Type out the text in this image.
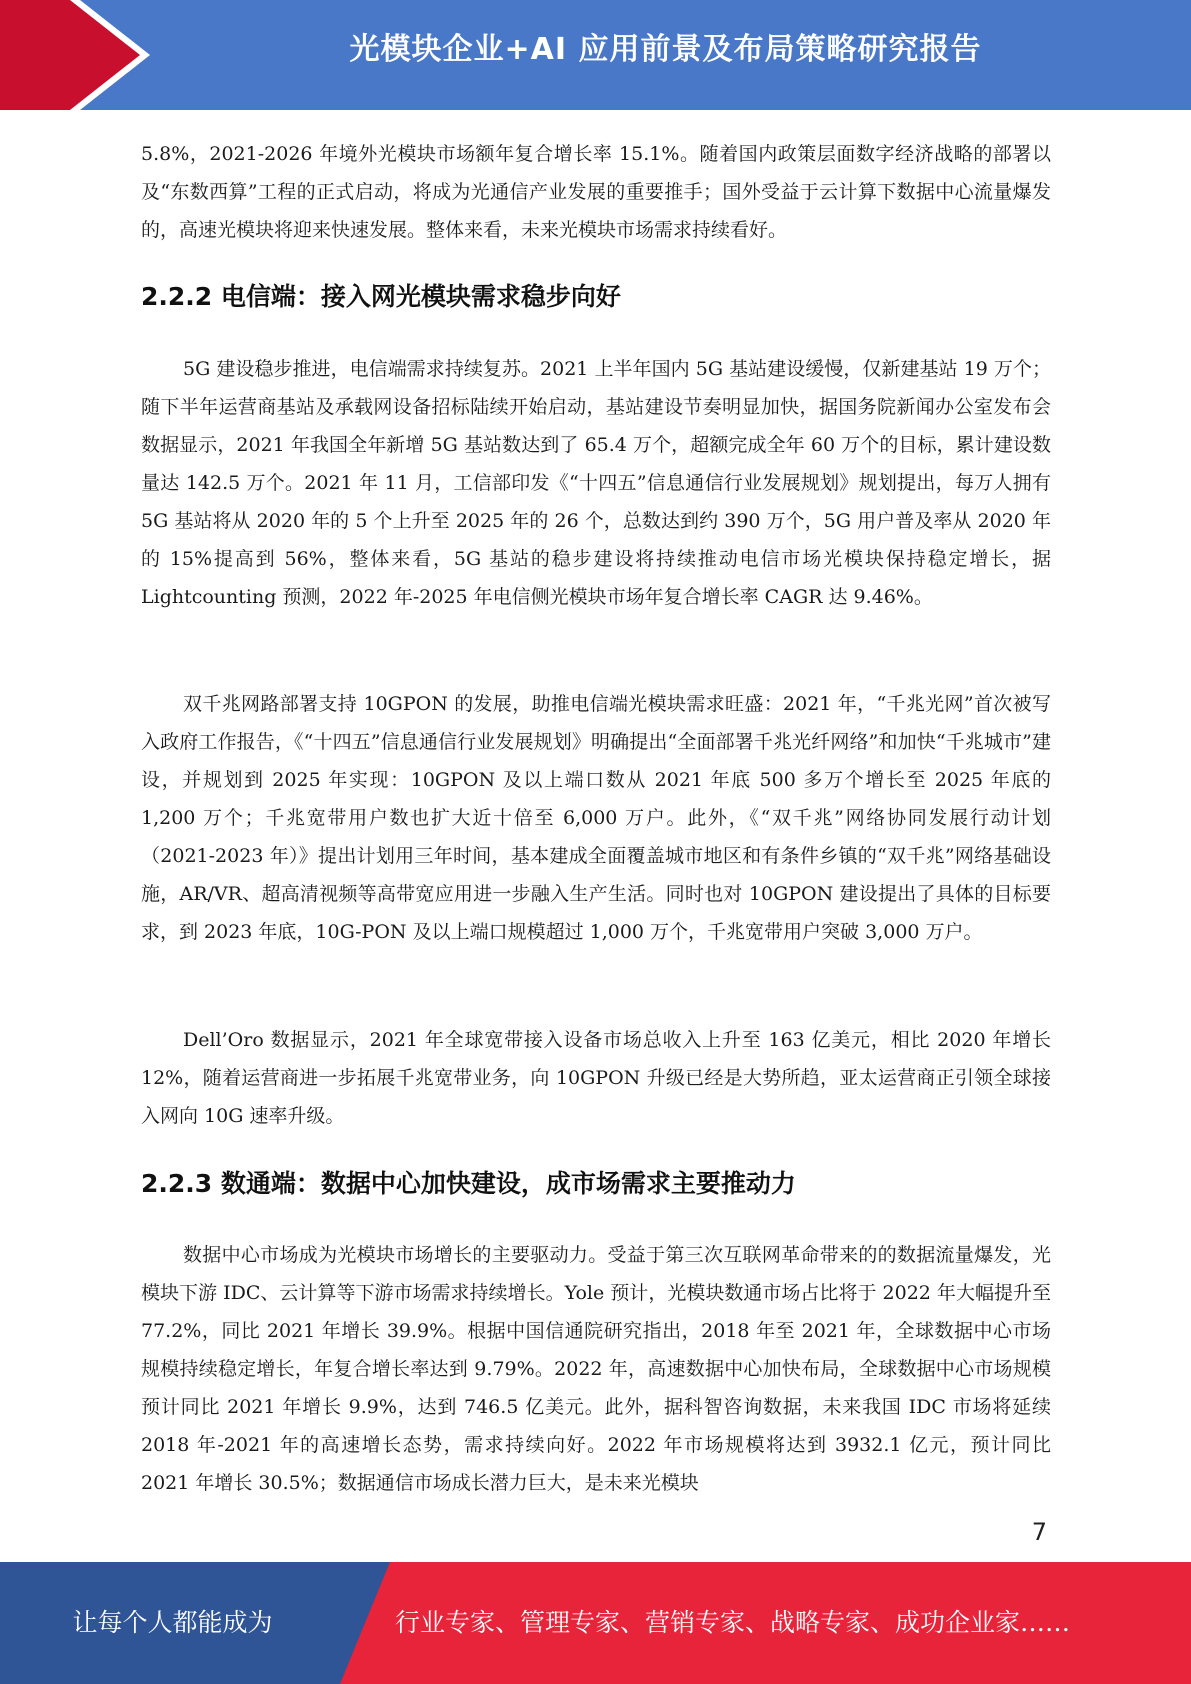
光模块企业+AI 应用前景及布局策略研究报告

5.8%，2021-2026 年境外光模块市场额年复合增长率 15.1%。随着国内政策层面数字经济战略的部署以及“东数西算”工程的正式启动，将成为光通信产业发展的重要推手；国外受益于云计算下数据中心流量爆发的，高速光模块将迎来快速发展。整体来看，未来光模块市场需求持续看好。

2.2.2 电信端：接入网光模块需求稳步向好

5G 建设稳步推进，电信端需求持续复苏。2021 上半年国内 5G 基站建设缓慢，仅新建基站 19 万个；随下半年运营商基站及承载网设备招标陆续开始启动，基站建设节奏明显加快，据国务院新闻办公室发布会数据显示，2021 年我国全年新增 5G 基站数达到了 65.4 万个，超额完成全年 60 万个的目标，累计建设数量达 142.5 万个。2021 年 11 月，工信部印发《“十四五”信息通信行业发展规划》规划提出，每万人拥有 5G 基站将从 2020 年的 5 个上升至 2025 年的 26 个，总数达到约 390 万个，5G 用户普及率从 2020 年的 15%提高到 56%，整体来看，5G 基站的稳步建设将持续推动电信市场光模块保持稳定增长，据 Lightcounting 预测，2022 年-2025 年电信侧光模块市场年复合增长率 CAGR 达 9.46%。

双千兆网路部署支持 10GPON 的发展，助推电信端光模块需求旺盛：2021 年，“千兆光网”首次被写入政府工作报告，《“十四五”信息通信行业发展规划》明确提出“全面部署千兆光纤网络”和加快“千兆城市”建设，并规划到 2025 年实现：10GPON 及以上端口数从 2021 年底 500 多万个增长至 2025 年底的 1,200 万个；千兆宽带用户数也扩大近十倍至 6,000 万户。此外，《“双千兆”网络协同发展行动计划（2021-2023 年）》提出计划用三年时间，基本建成全面覆盖城市地区和有条件乡镇的“双千兆”网络基础设施，AR/VR、超高清视频等高带宽应用进一步融入生产生活。同时也对 10GPON 建设提出了具体的目标要求，到 2023 年底，10G-PON 及以上端口规模超过 1,000 万个，千兆宽带用户突破 3,000 万户。

Dell’Oro 数据显示，2021 年全球宽带接入设备市场总收入上升至 163 亿美元，相比 2020 年增长 12%，随着运营商进一步拓展千兆宽带业务，向 10GPON 升级已经是大势所趋，亚太运营商正引领全球接入网向 10G 速率升级。

2.2.3 数通端：数据中心加快建设，成市场需求主要推动力

数据中心市场成为光模块市场增长的主要驱动力。受益于第三次互联网革命带来的的数据流量爆发，光模块下游 IDC、云计算等下游市场需求持续增长。Yole 预计，光模块数通市场占比将于 2022 年大幅提升至 77.2%，同比 2021 年增长 39.9%。根据中国信通院研究指出，2018 年至 2021 年，全球数据中心市场规模持续稳定增长，年复合增长率达到 9.79%。2022 年，高速数据中心加快布局，全球数据中心市场规模预计同比 2021 年增长 9.9%，达到 746.5 亿美元。此外，据科智咨询数据，未来我国 IDC 市场将延续 2018 年-2021 年的高速增长态势，需求持续向好。2022 年市场规模将达到 3932.1 亿元，预计同比 2021 年增长 30.5%；数据通信市场成长潜力巨大，是未来光模块

7
让每个人都能成为	行业专家、管理专家、营销专家、战略专家、成功企业家……
